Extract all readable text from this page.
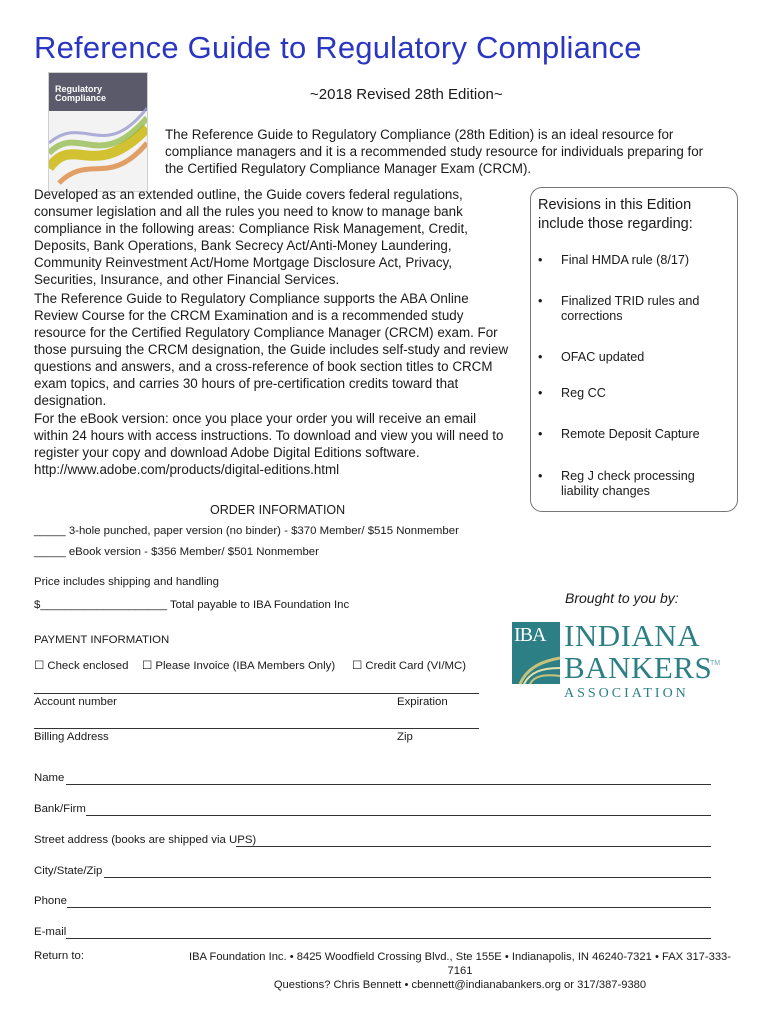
Reference Guide to Regulatory Compliance
Regulatory
Compliance	~2018 Revised 28th Edition~
The Reference Guide to Regulatory Compliance (28th Edition) is an ideal resource for compliance managers and it is a recommended study resource for individuals preparing for the Certified Regulatory Compliance Manager Exam (CRCM).
Developed as an extended outline, the Guide covers federal regulations, consumer legislation and all the rules you need to know to manage bank compliance in the following areas: Compliance Risk Management, Credit, Deposits, Bank Operations, Bank Secrecy Act/Anti-Money Laundering, Community Reinvestment Act/Home Mortgage Disclosure Act, Privacy, Securities, Insurance, and other Financial Services.
The Reference Guide to Regulatory Compliance supports the ABA Online Review Course for the CRCM Examination and is a recommended study resource for the Certified Regulatory Compliance Manager (CRCM) exam. For those pursuing the CRCM designation, the Guide includes self-study and review questions and answers, and a cross-reference of book section titles to CRCM exam topics, and carries 30 hours of pre-certification credits toward that designation.
For the eBook version: once you place your order you will receive an email within 24 hours with access instructions. To download and view you will need to register your copy and download Adobe Digital Editions software. http://www.adobe.com/products/digital-editions.html
Revisions in this Edition include those regarding:
• Final HMDA rule (8/17)
• Finalized TRID rules and corrections
• OFAC updated
• Reg CC
• Remote Deposit Capture
• Reg J check processing liability changes
ORDER INFORMATION
_____ 3-hole punched, paper version (no binder) - $370 Member/ $515 Nonmember
_____ eBook version - $356 Member/ $501 Nonmember
Price includes shipping and handling
$____________________ Total payable to IBA Foundation Inc
PAYMENT INFORMATION
☐ Check enclosed ☐ Please Invoice (IBA Members Only) ☐ Credit Card (VI/MC)
Account number	Expiration
Billing Address	Zip
Brought to you by:
IBA INDIANA
BANKERS
TM
ASSOCIATION
Name
Bank/Firm
Street address (books are shipped via UPS)
City/State/Zip
Phone
E-mail
Return to:	IBA Foundation Inc. • 8425 Woodfield Crossing Blvd., Ste 155E • Indianapolis, IN 46240-7321 • FAX 317-333-7161
Questions? Chris Bennett • cbennett@indianabankers.org or 317/387-9380
